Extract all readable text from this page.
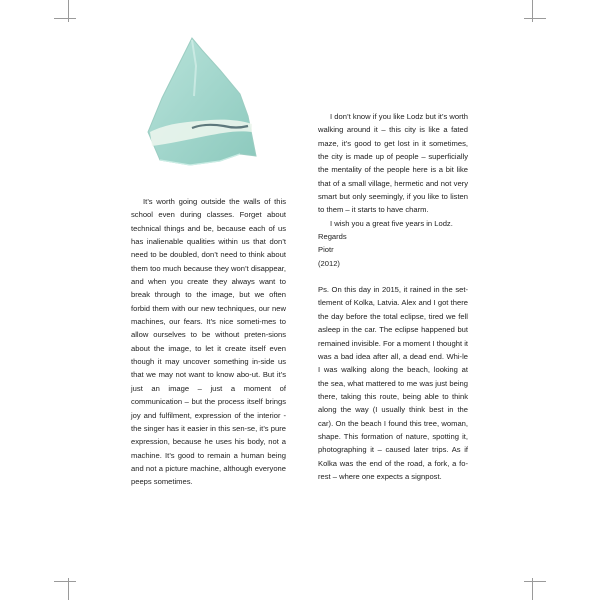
It’s worth going outside the walls of this school even during classes. Forget about technical things and be, because each of us has inalienable qualities within us that don’t need to be doubled, don’t need to think about them too much because they won’t disappear, and when you create they always want to break through to the image, but we often forbid them with our new techniques, our new machines, our fears. It’s nice someti-mes to allow ourselves to be without preten-sions about the image, to let it create itself even though it may uncover something in-side us that we may not want to know abo-ut. But it’s just an image – just a moment of communication – but the process itself brings joy and fulfilment, expression of the interior - the singer has it easier in this sen-se, it’s pure expression, because he uses his body, not a machine. It’s good to remain a human being and not a picture machine, although everyone peeps sometimes.

I don’t know if you like Lodz but it’s worth walking around it – this city is like a fated maze, it’s good to get lost in it sometimes, the city is made up of people – superficially the mentality of the people here is a bit like that of a small village, hermetic and not very smart but only seemingly, if you like to listen to them – it starts to have charm.

I wish you a great five years in Lodz.

Regards

Piotr

(2012)

Ps. On this day in 2015, it rained in the set-tlement of Kolka, Latvia. Alex and I got there the day before the total eclipse, tired we fell asleep in the car. The eclipse happened but remained invisible. For a moment I thought it was a bad idea after all, a dead end. Whi-le I was walking along the beach, looking at the sea, what mattered to me was just being there, taking this route, being able to think along the way (I usually think best in the car). On the beach I found this tree, woman, shape. This formation of nature, spotting it, photographing it – caused later trips. As if Kolka was the end of the road, a fork, a fo-rest – where one expects a signpost.
